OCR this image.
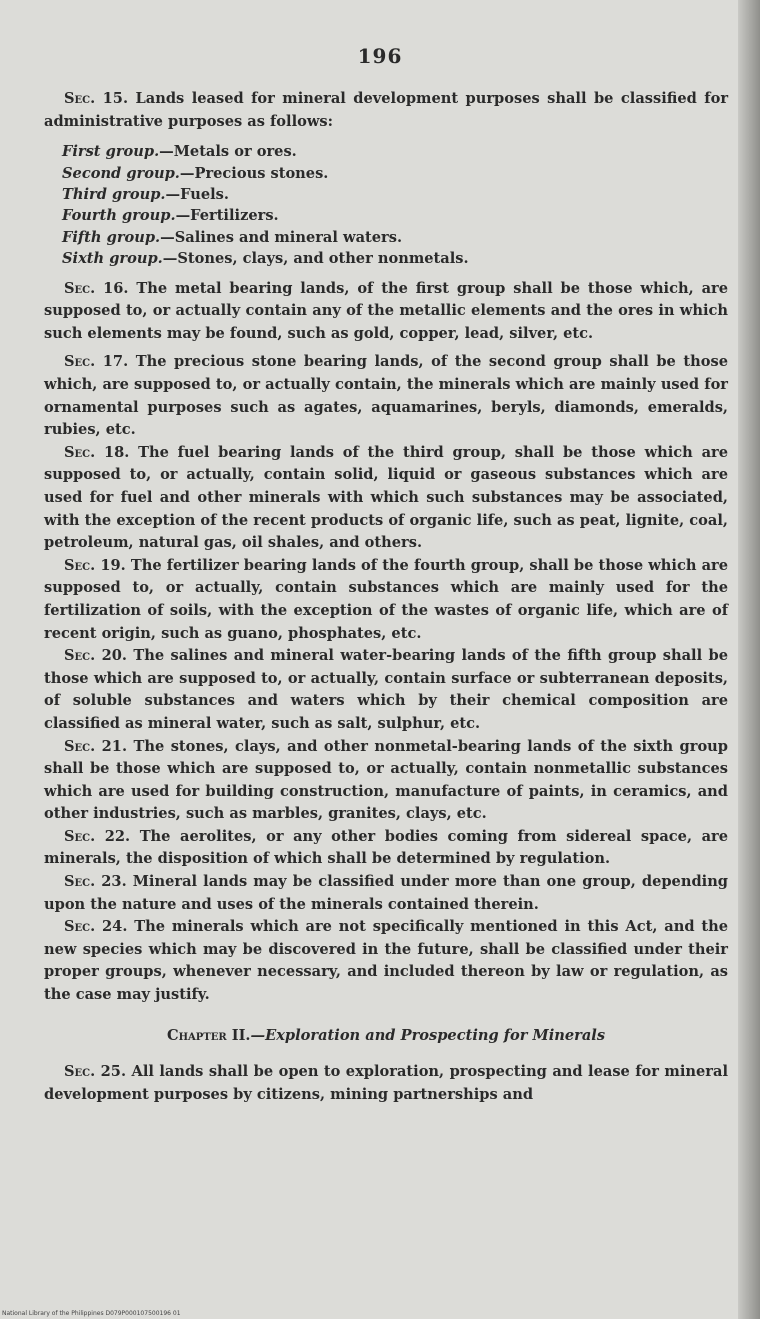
196

Sec. 15. Lands leased for mineral development purposes shall be classified for administrative purposes as follows:

First group.—Metals or ores.
Second group.—Precious stones.
Third group.—Fuels.
Fourth group.—Fertilizers.
Fifth group.—Salines and mineral waters.
Sixth group.—Stones, clays, and other nonmetals.

Sec. 16. The metal bearing lands, of the first group shall be those which, are supposed to, or actually contain any of the metallic elements and the ores in which such elements may be found, such as gold, copper, lead, silver, etc.

Sec. 17. The precious stone bearing lands, of the second group shall be those which, are supposed to, or actually contain, the minerals which are mainly used for ornamental purposes such as agates, aquamarines, beryls, diamonds, emeralds, rubies, etc.

Sec. 18. The fuel bearing lands of the third group, shall be those which are supposed to, or actually, contain solid, liquid or gaseous substances which are used for fuel and other minerals with which such substances may be associated, with the exception of the recent products of organic life, such as peat, lignite, coal, petroleum, natural gas, oil shales, and others.

Sec. 19. The fertilizer bearing lands of the fourth group, shall be those which are supposed to, or actually, contain substances which are mainly used for the fertilization of soils, with the exception of the wastes of organic life, which are of recent origin, such as guano, phosphates, etc.

Sec. 20. The salines and mineral water-bearing lands of the fifth group shall be those which are supposed to, or actually, contain surface or subterranean deposits, of soluble substances and waters which by their chemical composition are classified as mineral water, such as salt, sulphur, etc.

Sec. 21. The stones, clays, and other nonmetal-bearing lands of the sixth group shall be those which are supposed to, or actually, contain nonmetallic substances which are used for building construction, manufacture of paints, in ceramics, and other industries, such as marbles, granites, clays, etc.

Sec. 22. The aerolites, or any other bodies coming from sidereal space, are minerals, the disposition of which shall be determined by regulation.

Sec. 23. Mineral lands may be classified under more than one group, depending upon the nature and uses of the minerals contained therein.

Sec. 24. The minerals which are not specifically mentioned in this Act, and the new species which may be discovered in the future, shall be classified under their proper groups, whenever necessary, and included thereon by law or regulation, as the case may justify.

Chapter II.—Exploration and Prospecting for Minerals

Sec. 25. All lands shall be open to exploration, prospecting and lease for mineral development purposes by citizens, mining partnerships and

National Library of the Philippines D079P000107500196 01
